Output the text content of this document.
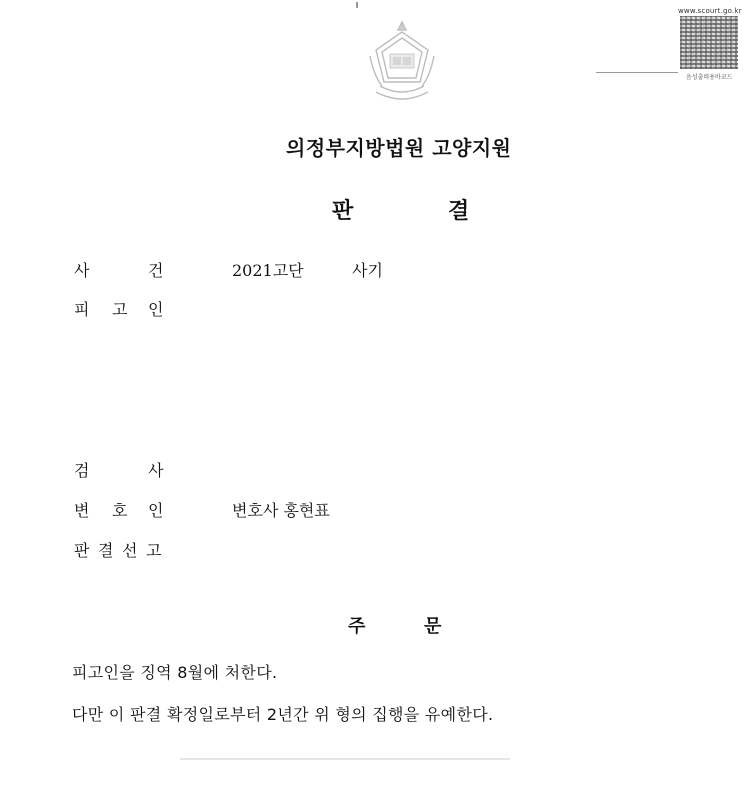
www.scourt.go.kr
음성출력용바코드
의정부지방법원 고양지원
판	결
사	건	2021고단	사기
피 고 인
검	사
변 호 인	변호사 홍현표
판 결 선 고
주	문
피고인을 징역 8월에 처한다.
다만 이 판결 확정일로부터 2년간 위 형의 집행을 유예한다.
